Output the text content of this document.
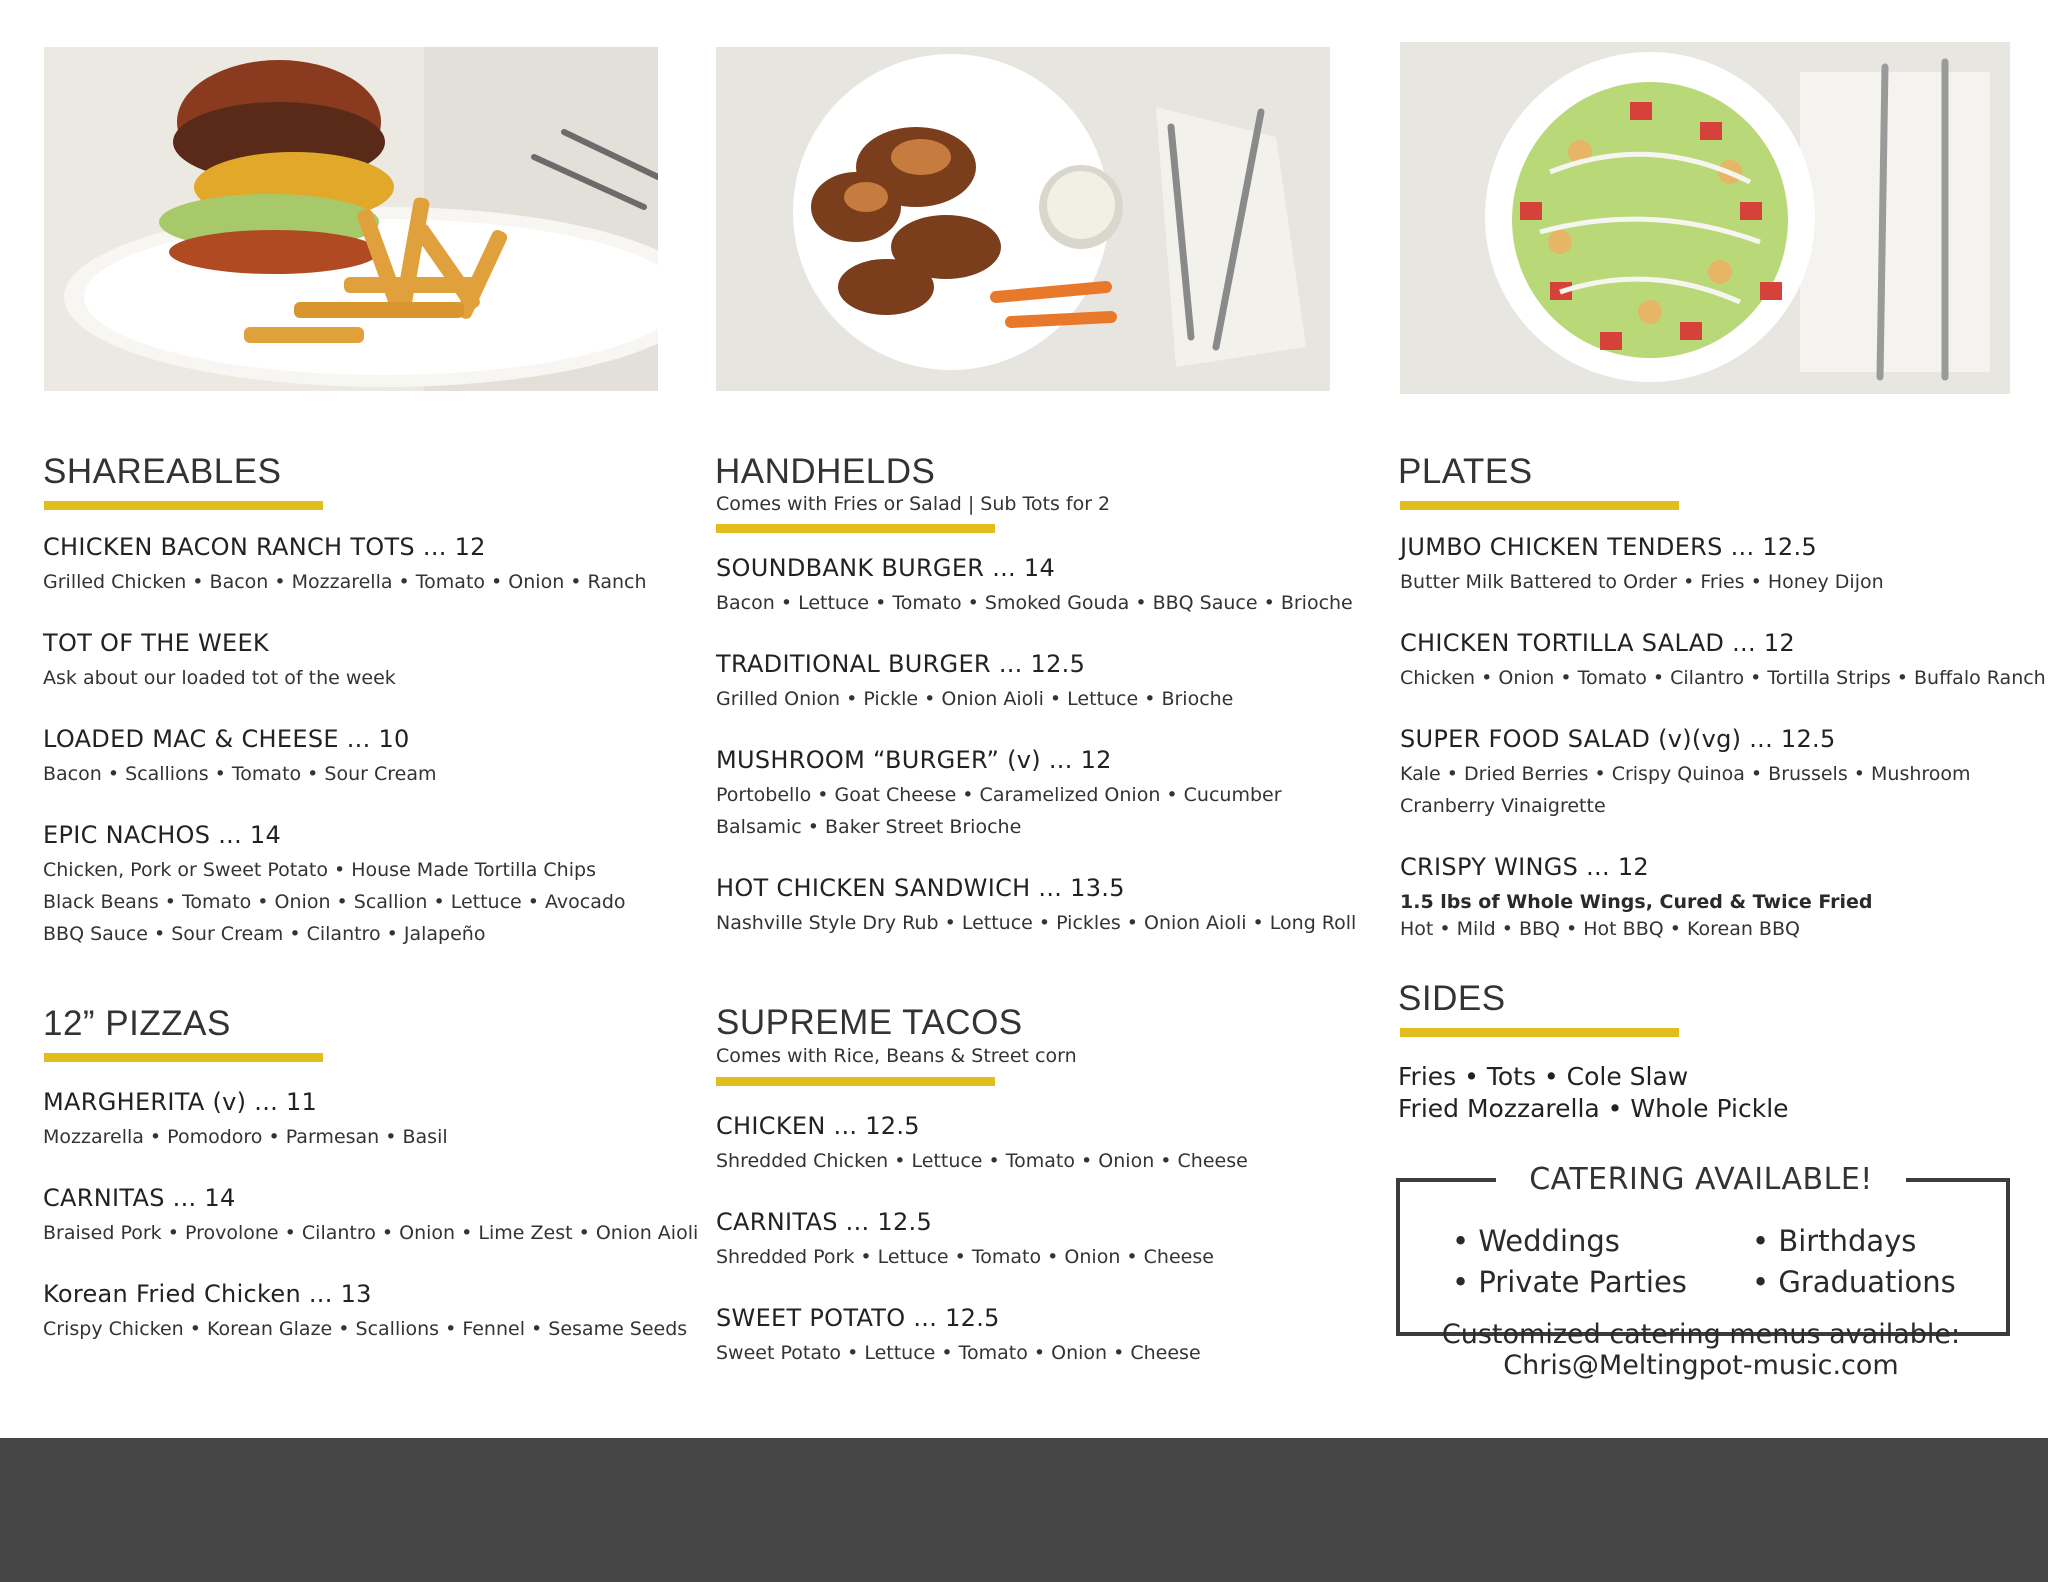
SHAREABLES
CHICKEN BACON RANCH TOTS ... 12
Grilled Chicken • Bacon • Mozzarella • Tomato • Onion • Ranch
TOT OF THE WEEK
Ask about our loaded tot of the week
LOADED MAC & CHEESE ... 10
Bacon • Scallions • Tomato • Sour Cream
EPIC NACHOS ... 14
Chicken, Pork or Sweet Potato • House Made Tortilla Chips
Black Beans • Tomato • Onion • Scallion • Lettuce • Avocado
BBQ Sauce • Sour Cream • Cilantro • Jalapeño
12” PIZZAS
MARGHERITA (v) ... 11
Mozzarella • Pomodoro • Parmesan • Basil
CARNITAS ... 14
Braised Pork • Provolone • Cilantro • Onion • Lime Zest • Onion Aioli
Korean Fried Chicken ... 13
Crispy Chicken • Korean Glaze • Scallions • Fennel • Sesame Seeds
HANDHELDS
Comes with Fries or Salad | Sub Tots for 2
SOUNDBANK BURGER ... 14
Bacon • Lettuce • Tomato • Smoked Gouda • BBQ Sauce • Brioche
TRADITIONAL BURGER ... 12.5
Grilled Onion • Pickle • Onion Aioli • Lettuce • Brioche
MUSHROOM “BURGER” (v) ... 12
Portobello • Goat Cheese • Caramelized Onion • Cucumber
Balsamic • Baker Street Brioche
HOT CHICKEN SANDWICH ... 13.5
Nashville Style Dry Rub • Lettuce • Pickles • Onion Aioli • Long Roll
SUPREME TACOS
Comes with Rice, Beans & Street corn
CHICKEN ... 12.5
Shredded Chicken • Lettuce • Tomato • Onion • Cheese
CARNITAS ... 12.5
Shredded Pork • Lettuce • Tomato • Onion • Cheese
SWEET POTATO ... 12.5
Sweet Potato • Lettuce • Tomato • Onion • Cheese
PLATES
JUMBO CHICKEN TENDERS ... 12.5
Butter Milk Battered to Order • Fries • Honey Dijon
CHICKEN TORTILLA SALAD ... 12
Chicken • Onion • Tomato • Cilantro • Tortilla Strips • Buffalo Ranch
SUPER FOOD SALAD (v)(vg) ... 12.5
Kale • Dried Berries • Crispy Quinoa • Brussels • Mushroom
Cranberry Vinaigrette
CRISPY WINGS ... 12
1.5 lbs of Whole Wings, Cured & Twice Fried
Hot • Mild • BBQ • Hot BBQ • Korean BBQ
SIDES
Fries • Tots • Cole Slaw
Fried Mozzarella • Whole Pickle
CATERING AVAILABLE!
• Weddings	• Birthdays
• Private Parties • Graduations
Customized catering menus available:
Chris@Meltingpot-music.com
